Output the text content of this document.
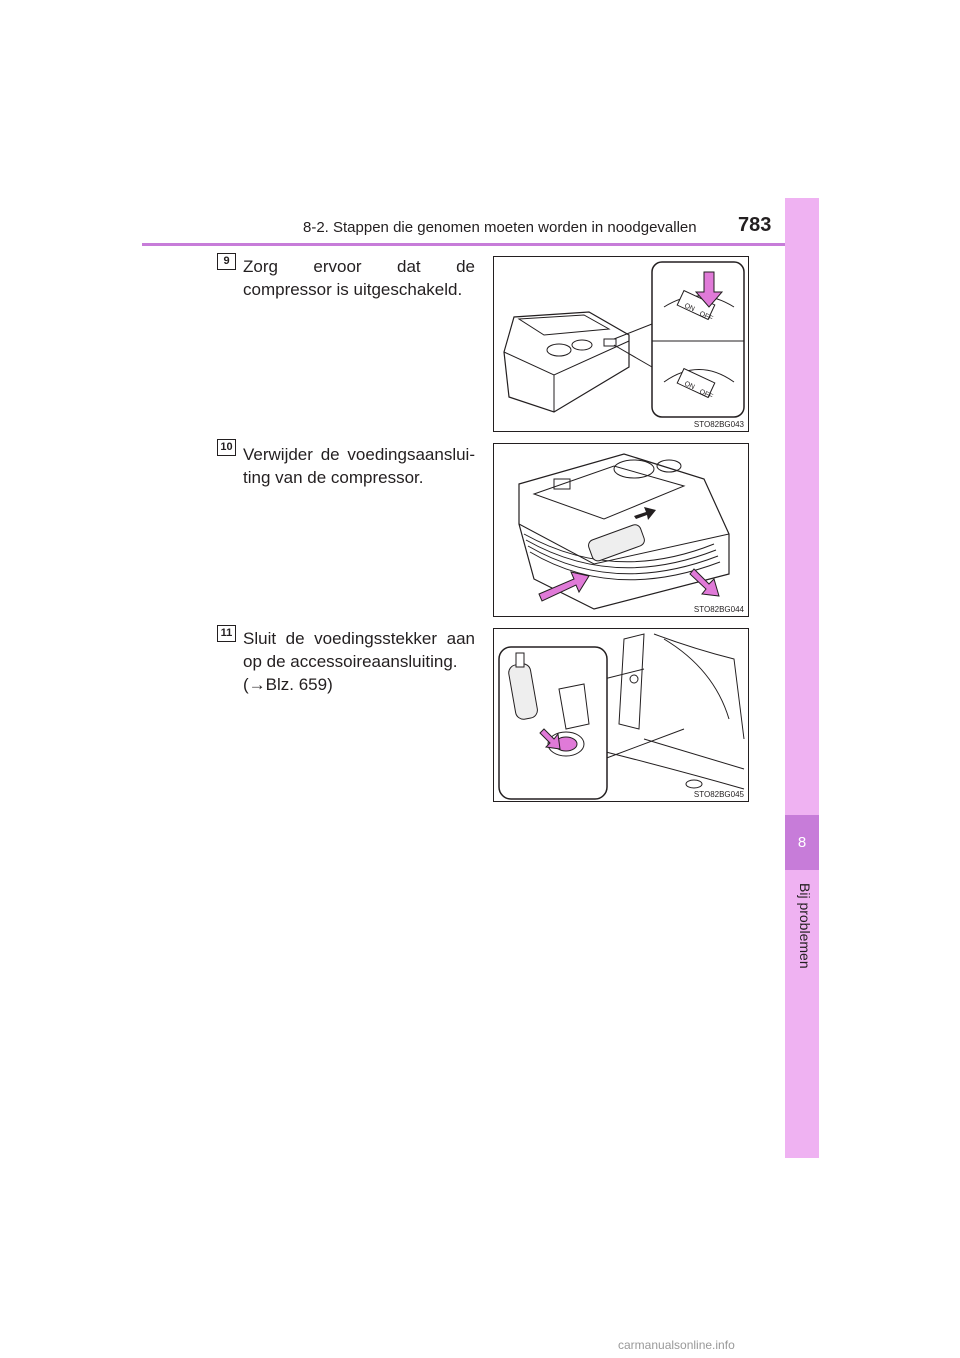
8-2. Stappen die genomen moeten worden in noodgevallen 783
8
Bij problemen
9 Zorg ervoor dat de compressor is uitgeschakeld.
ON
OFF
ON
OFF
STO82BG043
10 Verwijder de voedingsaanslui-ting van de compressor.
STO82BG044
11 Sluit de voedingsstekker aan op de accessoireaansluiting.
(→Blz. 659)
STO82BG045
carmanualsonline.info
